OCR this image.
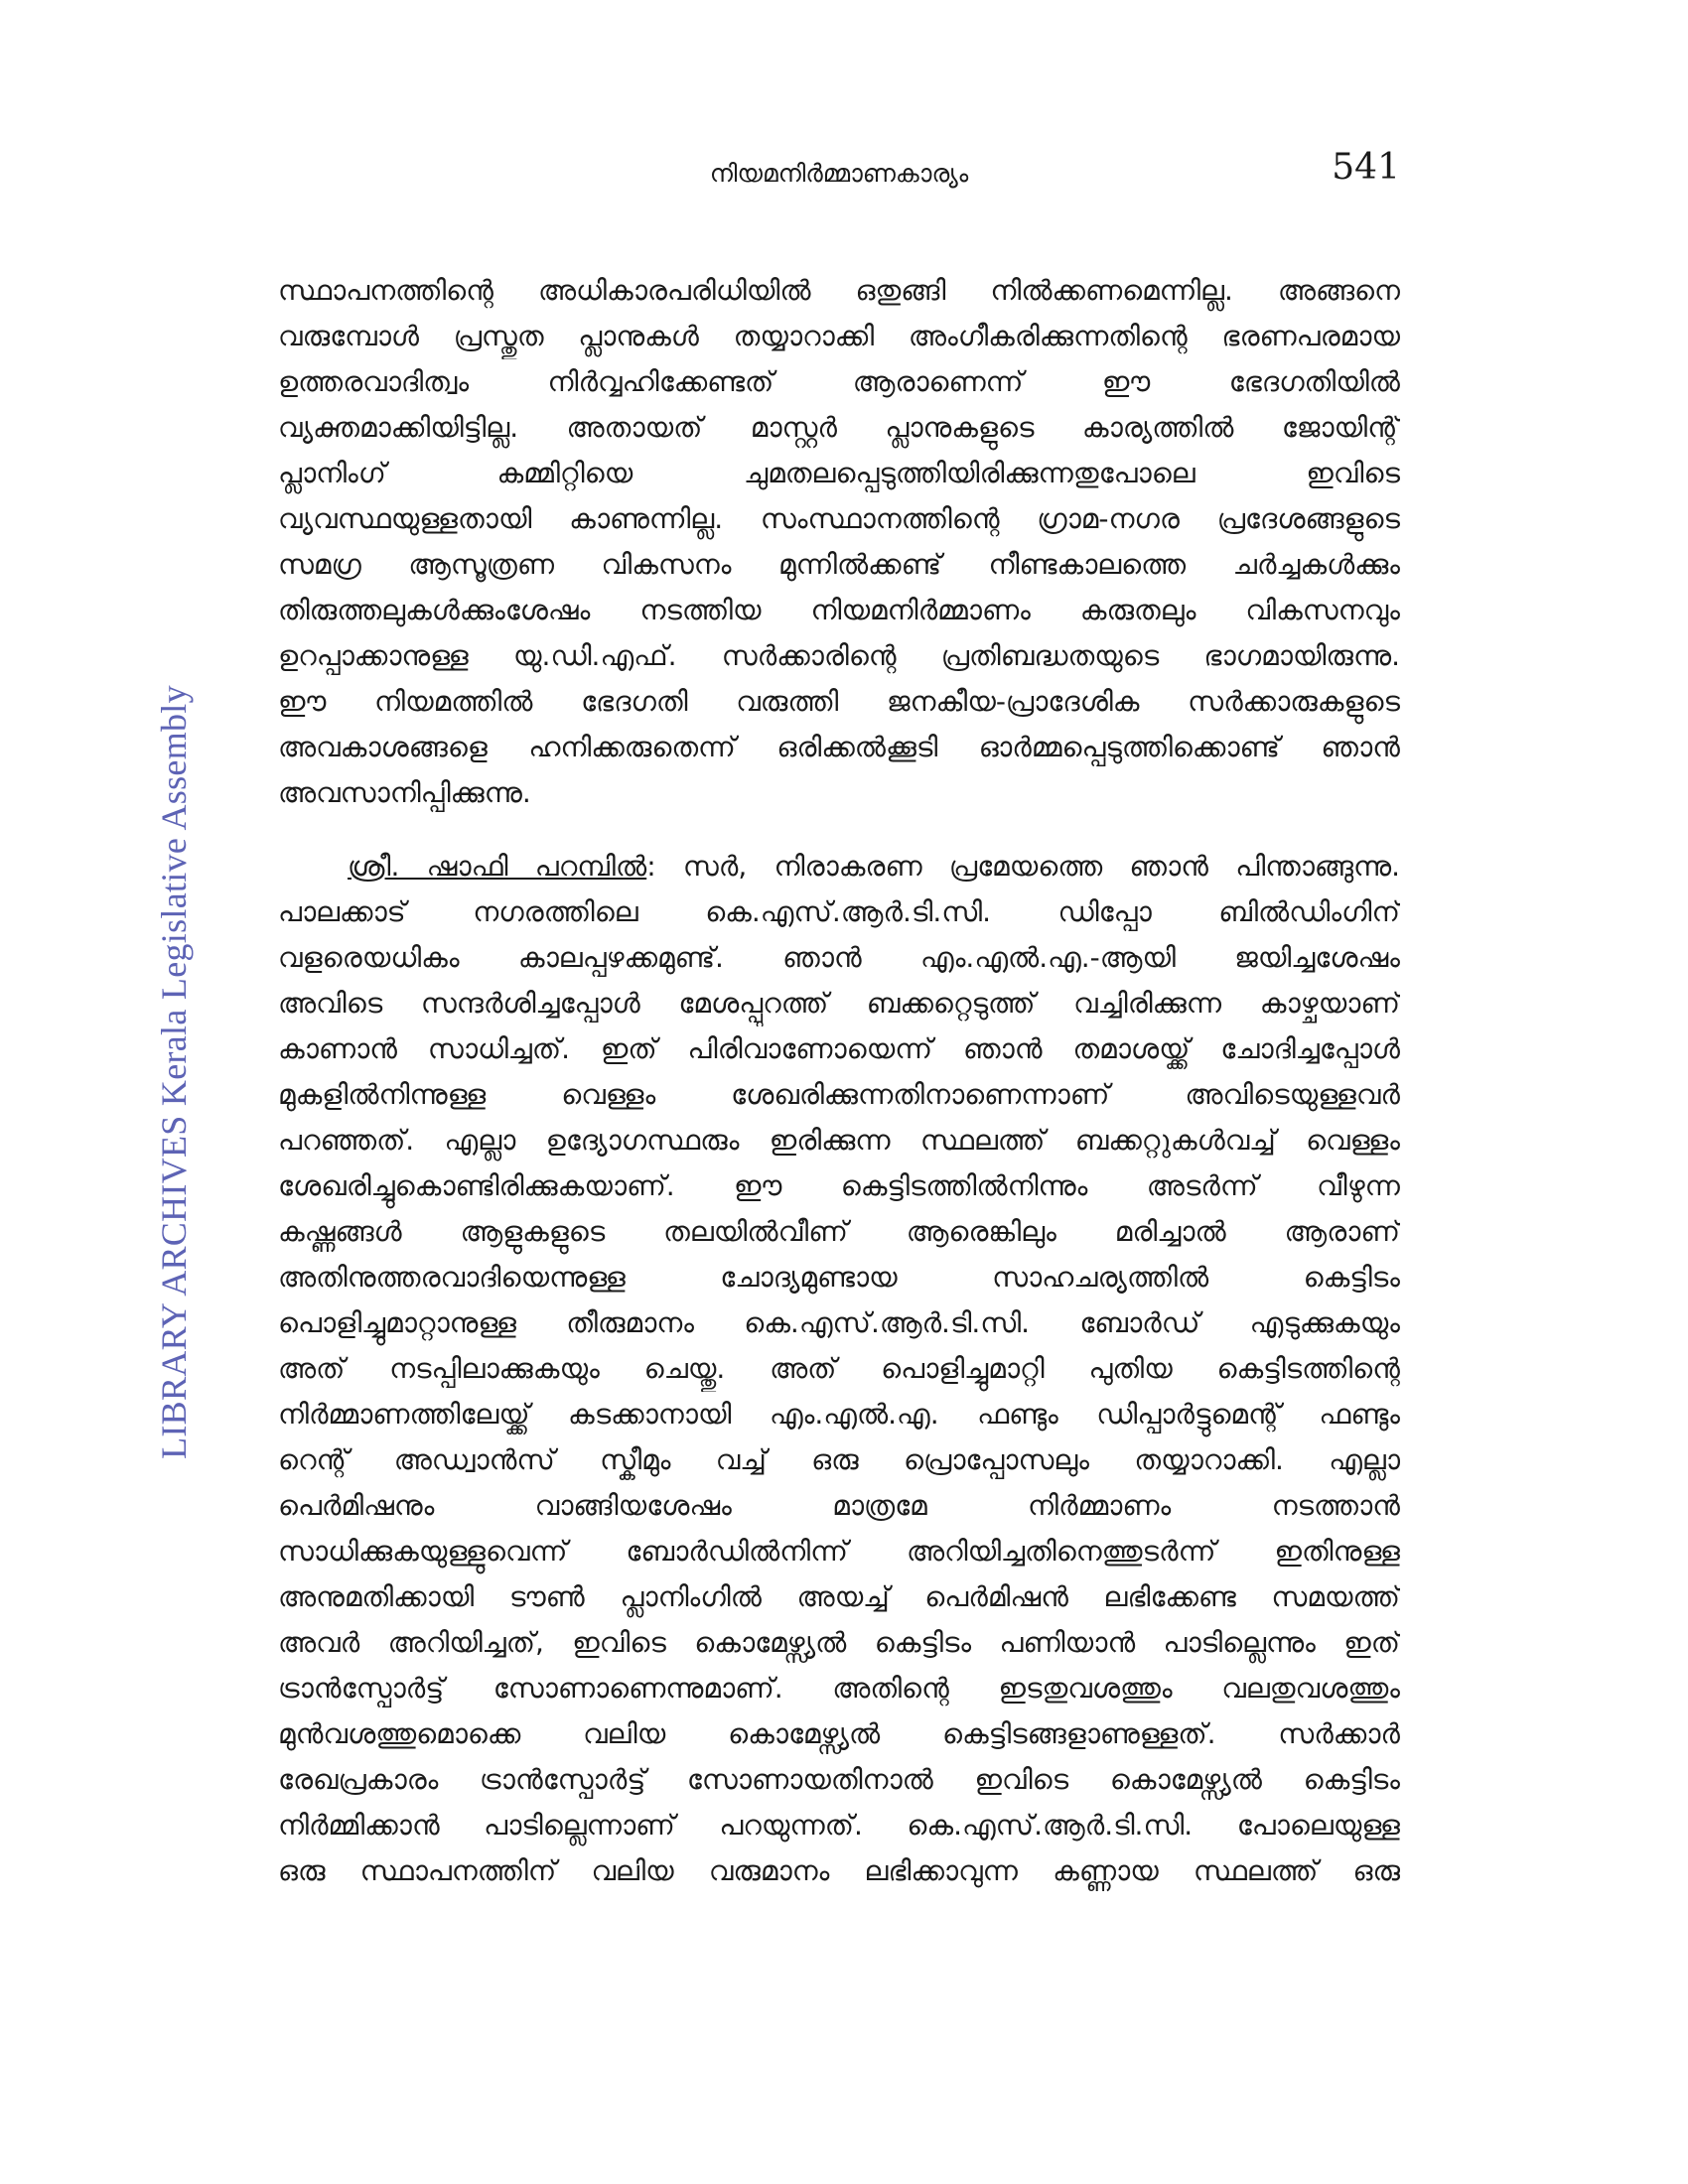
നിയമനിർമ്മാണകാര്യം	541
LIBRARY ARCHIVES Kerala Legislative Assembly

സ്ഥാപനത്തിന്റെ അധികാരപരിധിയിൽ ഒതുങ്ങി നിൽക്കണമെന്നില്ല. അങ്ങനെ
വരുമ്പോൾ പ്രസ്തുത പ്ലാനുകൾ തയ്യാറാക്കി അംഗീകരിക്കുന്നതിന്റെ ഭരണപരമായ
ഉത്തരവാദിത്വം നിർവ്വഹിക്കേണ്ടത് ആരാണെന്ന് ഈ ഭേദഗതിയിൽ
വ്യക്തമാക്കിയിട്ടില്ല. അതായത് മാസ്റ്റർ പ്ലാനുകളുടെ കാര്യത്തിൽ ജോയിന്റ്
പ്ലാനിംഗ് കമ്മിറ്റിയെ ചുമതലപ്പെടുത്തിയിരിക്കുന്നതുപോലെ ഇവിടെ
വ്യവസ്ഥയുള്ളതായി കാണുന്നില്ല. സംസ്ഥാനത്തിന്റെ ഗ്രാമ-നഗര പ്രദേശങ്ങളുടെ
സമഗ്ര ആസൂത്രണ വികസനം മുന്നിൽക്കണ്ട് നീണ്ടകാലത്തെ ചർച്ചകൾക്കും
തിരുത്തലുകൾക്കുംശേഷം നടത്തിയ നിയമനിർമ്മാണം കരുതലും വികസനവും
ഉറപ്പാക്കാനുള്ള യു.ഡി.എഫ്. സർക്കാരിന്റെ പ്രതിബദ്ധതയുടെ ഭാഗമായിരുന്നു.
ഈ നിയമത്തിൽ ഭേദഗതി വരുത്തി ജനകീയ-പ്രാദേശിക സർക്കാരുകളുടെ
അവകാശങ്ങളെ ഹനിക്കരുതെന്ന് ഒരിക്കൽക്കൂടി ഓർമ്മപ്പെടുത്തിക്കൊണ്ട് ഞാൻ
അവസാനിപ്പിക്കുന്നു.

ശ്രീ. ഷാഫി പറമ്പിൽ: സർ, നിരാകരണ പ്രമേയത്തെ ഞാൻ പിന്താങ്ങുന്നു.
പാലക്കാട് നഗരത്തിലെ കെ.എസ്.ആർ.ടി.സി. ഡിപ്പോ ബിൽഡിംഗിന്
വളരെയധികം കാലപ്പഴക്കമുണ്ട്. ഞാൻ എം.എൽ.എ.-ആയി ജയിച്ചശേഷം
അവിടെ സന്ദർശിച്ചപ്പോൾ മേശപ്പുറത്ത് ബക്കറ്റെടുത്ത് വച്ചിരിക്കുന്ന കാഴ്ചയാണ്
കാണാൻ സാധിച്ചത്. ഇത് പിരിവാണോയെന്ന് ഞാൻ തമാശയ്ക്ക് ചോദിച്ചപ്പോൾ
മുകളിൽനിന്നുള്ള വെള്ളം ശേഖരിക്കുന്നതിനാണെന്നാണ് അവിടെയുള്ളവർ
പറഞ്ഞത്. എല്ലാ ഉദ്യോഗസ്ഥരും ഇരിക്കുന്ന സ്ഥലത്ത് ബക്കറ്റുകൾവച്ച് വെള്ളം
ശേഖരിച്ചുകൊണ്ടിരിക്കുകയാണ്. ഈ കെട്ടിടത്തിൽനിന്നും അടർന്ന് വീഴുന്ന
കഷ്ണങ്ങൾ ആളുകളുടെ തലയിൽവീണ് ആരെങ്കിലും മരിച്ചാൽ ആരാണ്
അതിനുത്തരവാദിയെന്നുള്ള ചോദ്യമുണ്ടായ സാഹചര്യത്തിൽ കെട്ടിടം
പൊളിച്ചുമാറ്റാനുള്ള തീരുമാനം കെ.എസ്.ആർ.ടി.സി. ബോർഡ് എടുക്കുകയും
അത് നടപ്പിലാക്കുകയും ചെയ്തു. അത് പൊളിച്ചുമാറ്റി പുതിയ കെട്ടിടത്തിന്റെ
നിർമ്മാണത്തിലേയ്ക്ക് കടക്കാനായി എം.എൽ.എ. ഫണ്ടും ഡിപ്പാർട്ടുമെന്റ് ഫണ്ടും
റെന്റ് അഡ്വാൻസ് സ്കീമും വച്ച് ഒരു പ്രൊപ്പോസലും തയ്യാറാക്കി. എല്ലാ
പെർമിഷനും വാങ്ങിയശേഷം മാത്രമേ നിർമ്മാണം നടത്താൻ
സാധിക്കുകയുള്ളുവെന്ന് ബോർഡിൽനിന്ന് അറിയിച്ചതിനെത്തുടർന്ന് ഇതിനുള്ള
അനുമതിക്കായി ടൗൺ പ്ലാനിംഗിൽ അയച്ച് പെർമിഷൻ ലഭിക്കേണ്ട സമയത്ത്
അവർ അറിയിച്ചത്, ഇവിടെ കൊമേഴ്സ്യൽ കെട്ടിടം പണിയാൻ പാടില്ലെന്നും ഇത്
ട്രാൻസ്പോർട്ട് സോണാണെന്നുമാണ്. അതിന്റെ ഇടതുവശത്തും വലതുവശത്തും
മുൻവശത്തുമൊക്കെ വലിയ കൊമേഴ്സ്യൽ കെട്ടിടങ്ങളാണുള്ളത്. സർക്കാർ
രേഖപ്രകാരം ട്രാൻസ്പോർട്ട് സോണായതിനാൽ ഇവിടെ കൊമേഴ്സ്യൽ കെട്ടിടം
നിർമ്മിക്കാൻ പാടില്ലെന്നാണ് പറയുന്നത്. കെ.എസ്.ആർ.ടി.സി. പോലെയുള്ള
ഒരു സ്ഥാപനത്തിന് വലിയ വരുമാനം ലഭിക്കാവുന്ന കണ്ണായ സ്ഥലത്ത് ഒരു
